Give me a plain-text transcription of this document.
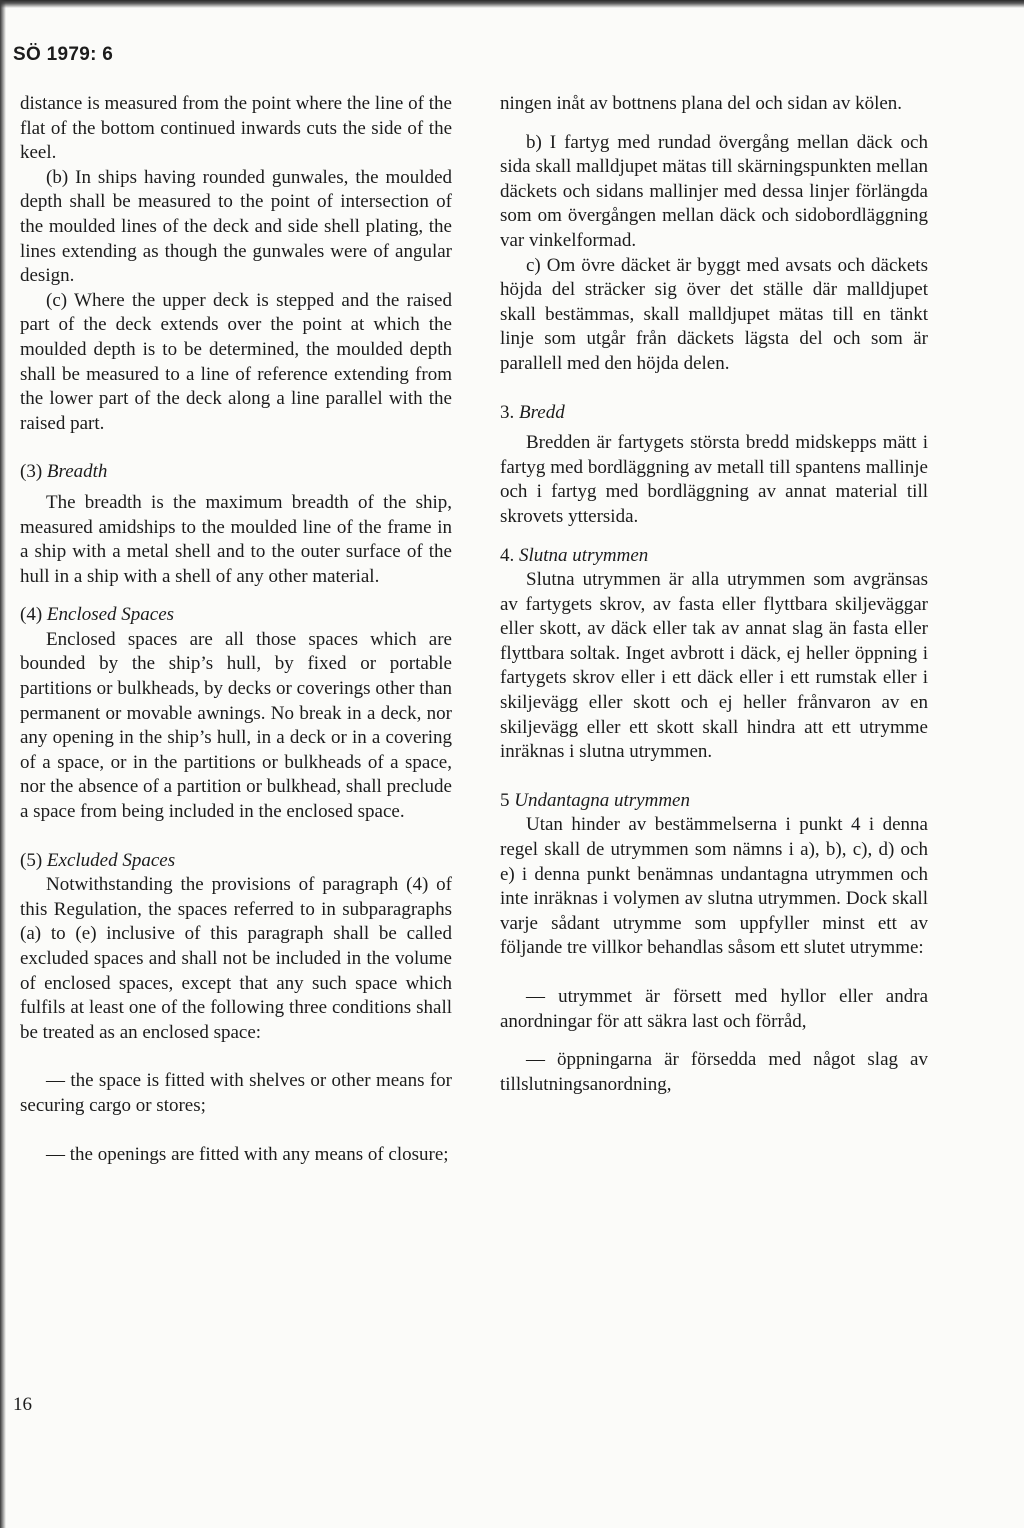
SÖ 1979: 6

distance is measured from the point where the line of the flat of the bottom continued inwards cuts the side of the keel.

(b) In ships having rounded gunwales, the moulded depth shall be measured to the point of intersection of the moulded lines of the deck and side shell plating, the lines extending as though the gunwales were of angular design.

(c) Where the upper deck is stepped and the raised part of the deck extends over the point at which the moulded depth is to be determined, the moulded depth shall be measured to a line of reference extending from the lower part of the deck along a line parallel with the raised part.

(3) Breadth

The breadth is the maximum breadth of the ship, measured amidships to the moulded line of the frame in a ship with a metal shell and to the outer surface of the hull in a ship with a shell of any other material.

(4) Enclosed Spaces

Enclosed spaces are all those spaces which are bounded by the ship’s hull, by fixed or portable partitions or bulkheads, by decks or coverings other than permanent or movable awnings. No break in a deck, nor any opening in the ship’s hull, in a deck or in a covering of a space, or in the partitions or bulkheads of a space, nor the absence of a partition or bulkhead, shall preclude a space from being included in the enclosed space.

(5) Excluded Spaces

Notwithstanding the provisions of paragraph (4) of this Regulation, the spaces referred to in subparagraphs (a) to (e) inclusive of this paragraph shall be called excluded spaces and shall not be included in the volume of enclosed spaces, except that any such space which fulfils at least one of the following three conditions shall be treated as an enclosed space:

— the space is fitted with shelves or other means for securing cargo or stores;

— the openings are fitted with any means of closure;

ningen inåt av bottnens plana del och sidan av kölen.

b) I fartyg med rundad övergång mellan däck och sida skall malldjupet mätas till skärningspunkten mellan däckets och sidans mallinjer med dessa linjer förlängda som om övergången mellan däck och sidobordläggning var vinkelformad.

c) Om övre däcket är byggt med avsats och däckets höjda del sträcker sig över det ställe där malldjupet skall bestämmas, skall malldjupet mätas till en tänkt linje som utgår från däckets lägsta del och som är parallell med den höjda delen.

3. Bredd

Bredden är fartygets största bredd midskepps mätt i fartyg med bordläggning av metall till spantens mallinje och i fartyg med bordläggning av annat material till skrovets yttersida.

4. Slutna utrymmen

Slutna utrymmen är alla utrymmen som avgränsas av fartygets skrov, av fasta eller flyttbara skiljeväggar eller skott, av däck eller tak av annat slag än fasta eller flyttbara soltak. Inget avbrott i däck, ej heller öppning i fartygets skrov eller i ett däck eller i ett rumstak eller i skiljevägg eller skott och ej heller frånvaron av en skiljevägg eller ett skott skall hindra att ett utrymme inräknas i slutna utrymmen.

5 Undantagna utrymmen

Utan hinder av bestämmelserna i punkt 4 i denna regel skall de utrymmen som nämns i a), b), c), d) och e) i denna punkt benämnas undantagna utrymmen och inte inräknas i volymen av slutna utrymmen. Dock skall varje sådant utrymme som uppfyller minst ett av följande tre villkor behandlas såsom ett slutet utrymme:

— utrymmet är försett med hyllor eller andra anordningar för att säkra last och förråd,

— öppningarna är försedda med något slag av tillslutningsanordning,

16
